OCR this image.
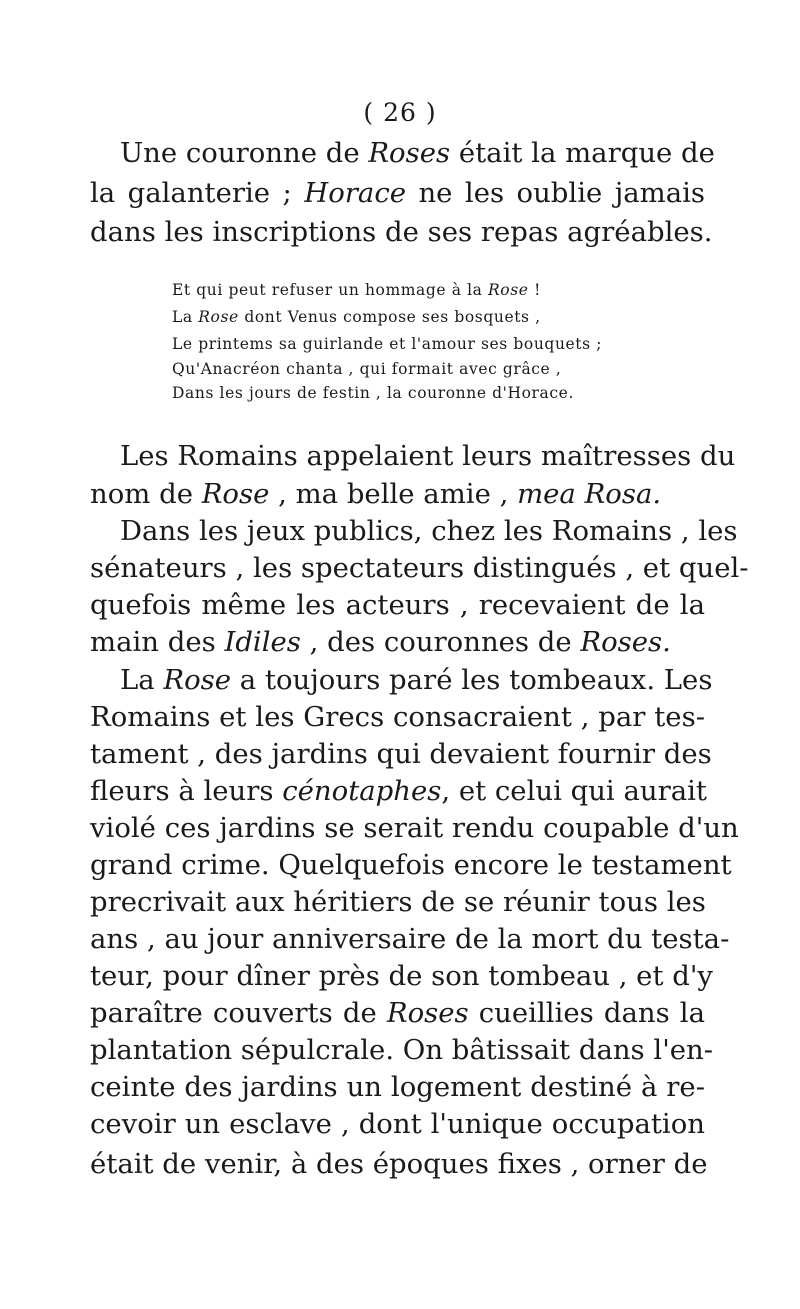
( 26 )
Une couronne de Roses était la marque de
la galanterie ; Horace ne les oublie jamais
dans les inscriptions de ses repas agréables.
Et qui peut refuser un hommage à la Rose !
La Rose dont Venus compose ses bosquets ,
Le printems sa guirlande et l'amour ses bouquets ;
Qu'Anacréon chanta , qui formait avec grâce ,
Dans les jours de festin , la couronne d'Horace.
Les Romains appelaient leurs maîtresses du
nom de Rose , ma belle amie , mea Rosa.
Dans les jeux publics, chez les Romains , les
sénateurs , les spectateurs distingués , et quel-
quefois même les acteurs , recevaient de la
main des Idiles , des couronnes de Roses.
La Rose a toujours paré les tombeaux. Les
Romains et les Grecs consacraient , par tes-
tament , des jardins qui devaient fournir des
fleurs à leurs cénotaphes, et celui qui aurait
violé ces jardins se serait rendu coupable d'un
grand crime. Quelquefois encore le testament
precrivait aux héritiers de se réunir tous les
ans , au jour anniversaire de la mort du testa-
teur, pour dîner près de son tombeau , et d'y
paraître couverts de Roses cueillies dans la
plantation sépulcrale. On bâtissait dans l'en-
ceinte des jardins un logement destiné à re-
cevoir un esclave , dont l'unique occupation
était de venir, à des époques fixes , orner de
